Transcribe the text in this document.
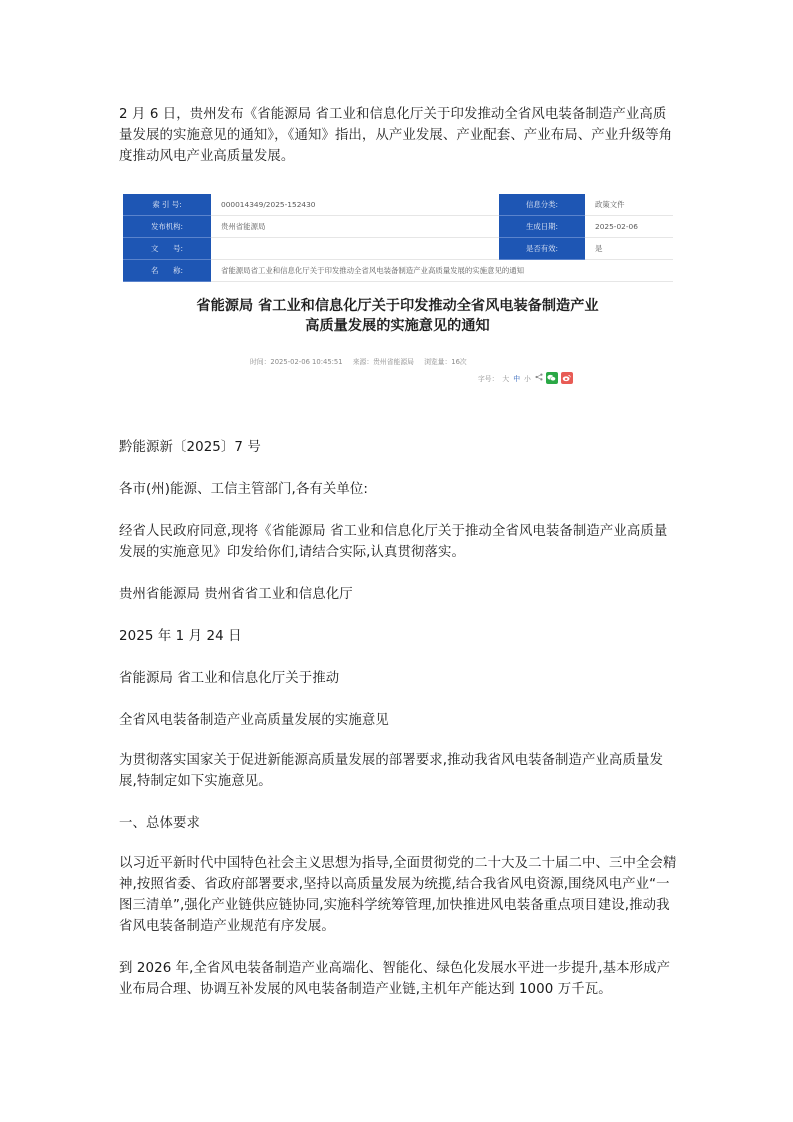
2 月 6 日，贵州发布《省能源局 省工业和信息化厅关于印发推动全省风电装备制造产业高质量发展的实施意见的通知》，《通知》指出，从产业发展、产业配套、产业布局、产业升级等角度推动风电产业高质量发展。

索 引 号:	000014349/2025-152430	信息分类:	政策文件
发布机构:	贵州省能源局	生成日期:	2025-02-06
文　　号:		是否有效:	是
名　　称:	省能源局省工业和信息化厅关于印发推动全省风电装备制造产业高质量发展的实施意见的通知		
省能源局 省工业和信息化厅关于印发推动全省风电装备制造产业
高质量发展的实施意见的通知
时间：2025-02-06 10:45:51 来源：贵州省能源局 浏览量：16次
字号： 大 中 小

黔能源新〔2025〕7 号

各市(州)能源、工信主管部门,各有关单位:

经省人民政府同意,现将《省能源局 省工业和信息化厅关于推动全省风电装备制造产业高质量发展的实施意见》印发给你们,请结合实际,认真贯彻落实。

贵州省能源局 贵州省省工业和信息化厅

2025 年 1 月 24 日

省能源局 省工业和信息化厅关于推动

全省风电装备制造产业高质量发展的实施意见

为贯彻落实国家关于促进新能源高质量发展的部署要求,推动我省风电装备制造产业高质量发展,特制定如下实施意见。

一、总体要求

以习近平新时代中国特色社会主义思想为指导,全面贯彻党的二十大及二十届二中、三中全会精神,按照省委、省政府部署要求,坚持以高质量发展为统揽,结合我省风电资源,围绕风电产业“一图三清单”,强化产业链供应链协同,实施科学统筹管理,加快推进风电装备重点项目建设,推动我省风电装备制造产业规范有序发展。

到 2026 年,全省风电装备制造产业高端化、智能化、绿色化发展水平进一步提升,基本形成产业布局合理、协调互补发展的风电装备制造产业链,主机年产能达到 1000 万千瓦。
